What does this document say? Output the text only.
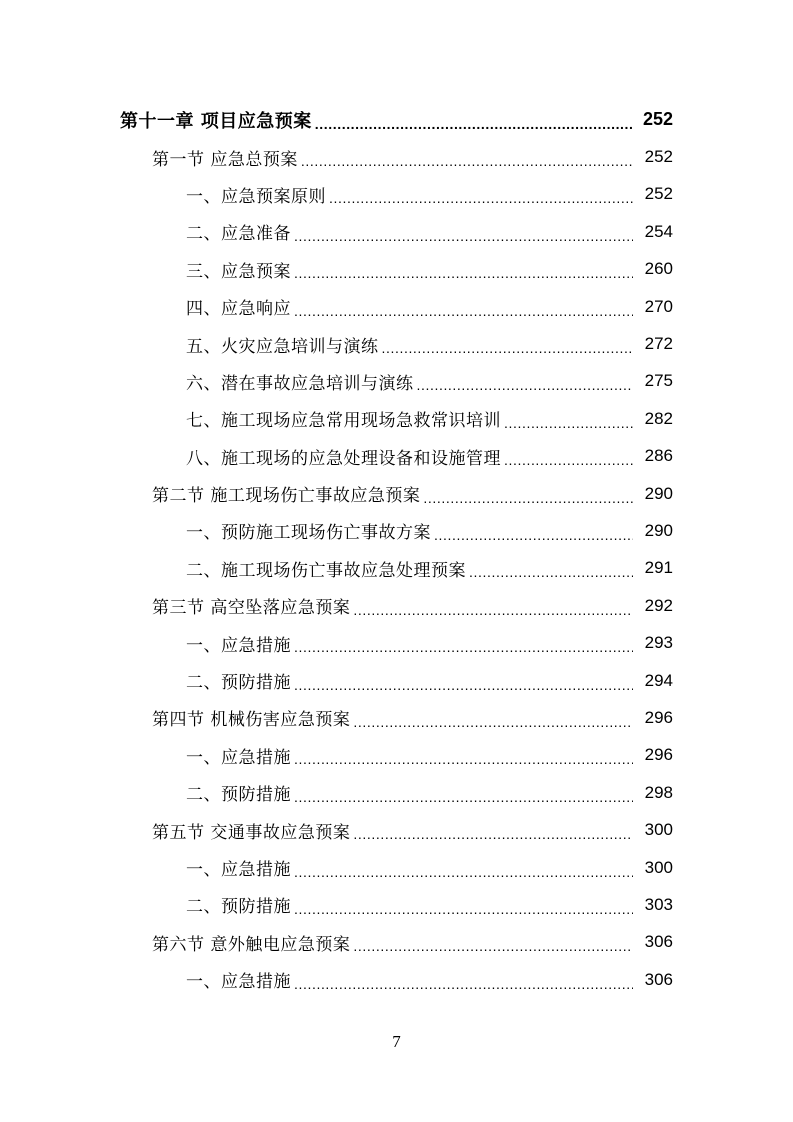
第十一章 项目应急预案 .....	252
第一节 应急总预案 .....	252
一、应急预案原则 .....	252
二、应急准备 .....	254
三、应急预案 .....	260
四、应急响应 .....	270
五、火灾应急培训与演练 .....	272
六、潜在事故应急培训与演练 .....	275
七、施工现场应急常用现场急救常识培训 .....	282
八、施工现场的应急处理设备和设施管理 .....	286
第二节 施工现场伤亡事故应急预案 .....	290
一、预防施工现场伤亡事故方案 .....	290
二、施工现场伤亡事故应急处理预案 .....	291
第三节 高空坠落应急预案 .....	292
一、应急措施 .....	293
二、预防措施 .....	294
第四节 机械伤害应急预案 .....	296
一、应急措施 .....	296
二、预防措施 .....	298
第五节 交通事故应急预案 .....	300
一、应急措施 .....	300
二、预防措施 .....	303
第六节 意外触电应急预案 .....	306
一、应急措施 .....	306
7
